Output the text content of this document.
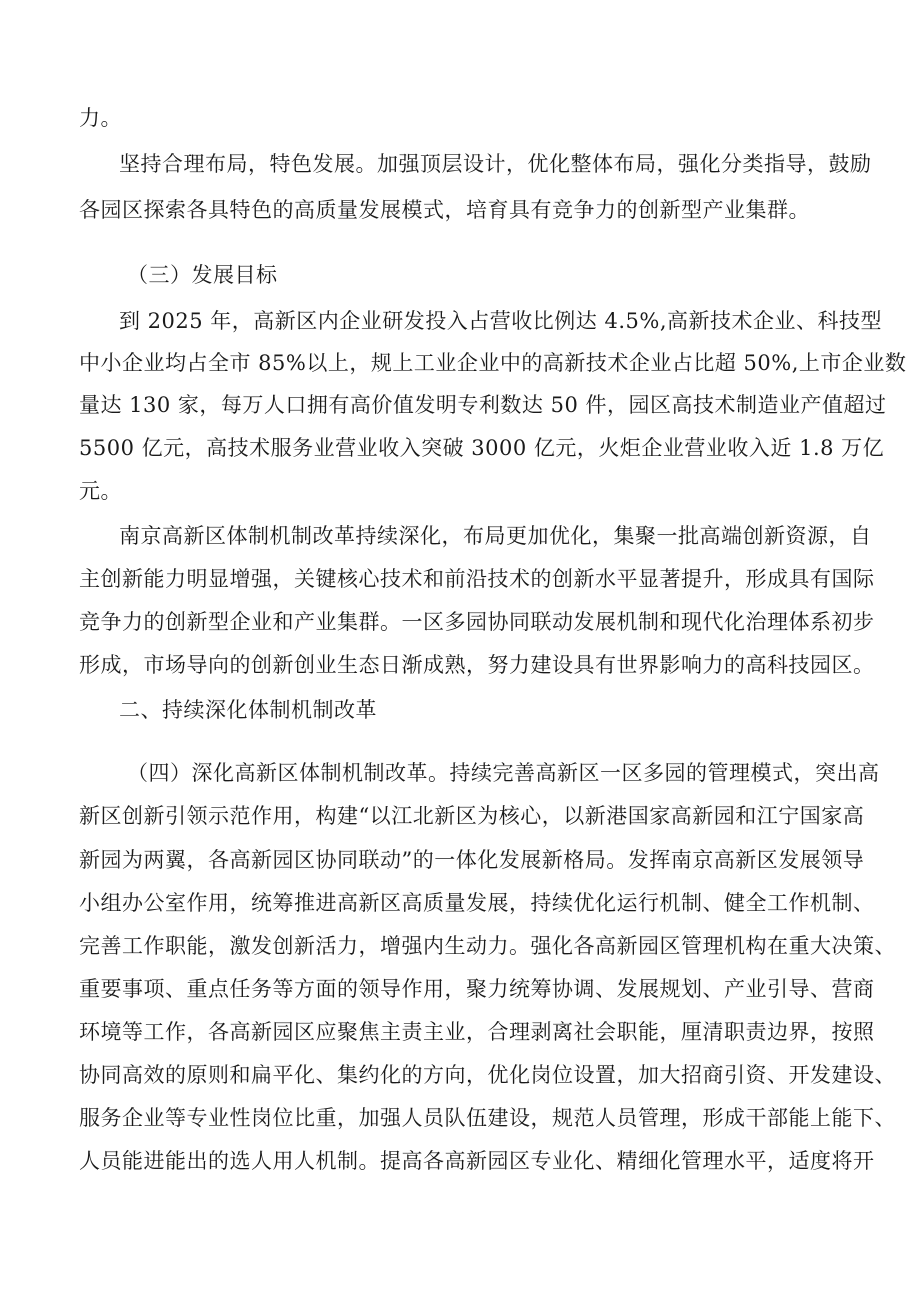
力。
坚持合理布局，特色发展。加强顶层设计，优化整体布局，强化分类指导，鼓励
各园区探索各具特色的高质量发展模式，培育具有竞争力的创新型产业集群。
（三）发展目标
到 2025 年，高新区内企业研发投入占营收比例达 4.5%,高新技术企业、科技型
中小企业均占全市 85%以上，规上工业企业中的高新技术企业占比超 50%,上市企业数
量达 130 家，每万人口拥有高价值发明专利数达 50 件，园区高技术制造业产值超过
5500 亿元，高技术服务业营业收入突破 3000 亿元，火炬企业营业收入近 1.8 万亿
元。
南京高新区体制机制改革持续深化，布局更加优化，集聚一批高端创新资源，自
主创新能力明显增强，关键核心技术和前沿技术的创新水平显著提升，形成具有国际
竞争力的创新型企业和产业集群。一区多园协同联动发展机制和现代化治理体系初步
形成，市场导向的创新创业生态日渐成熟，努力建设具有世界影响力的高科技园区。
二、持续深化体制机制改革
（四）深化高新区体制机制改革。持续完善高新区一区多园的管理模式，突出高
新区创新引领示范作用，构建“以江北新区为核心，以新港国家高新园和江宁国家高
新园为两翼，各高新园区协同联动”的一体化发展新格局。发挥南京高新区发展领导
小组办公室作用，统筹推进高新区高质量发展，持续优化运行机制、健全工作机制、
完善工作职能，激发创新活力，增强内生动力。强化各高新园区管理机构在重大决策、
重要事项、重点任务等方面的领导作用，聚力统筹协调、发展规划、产业引导、营商
环境等工作，各高新园区应聚焦主责主业，合理剥离社会职能，厘清职责边界，按照
协同高效的原则和扁平化、集约化的方向，优化岗位设置，加大招商引资、开发建设、
服务企业等专业性岗位比重，加强人员队伍建设，规范人员管理，形成干部能上能下、
人员能进能出的选人用人机制。提高各高新园区专业化、精细化管理水平，适度将开
